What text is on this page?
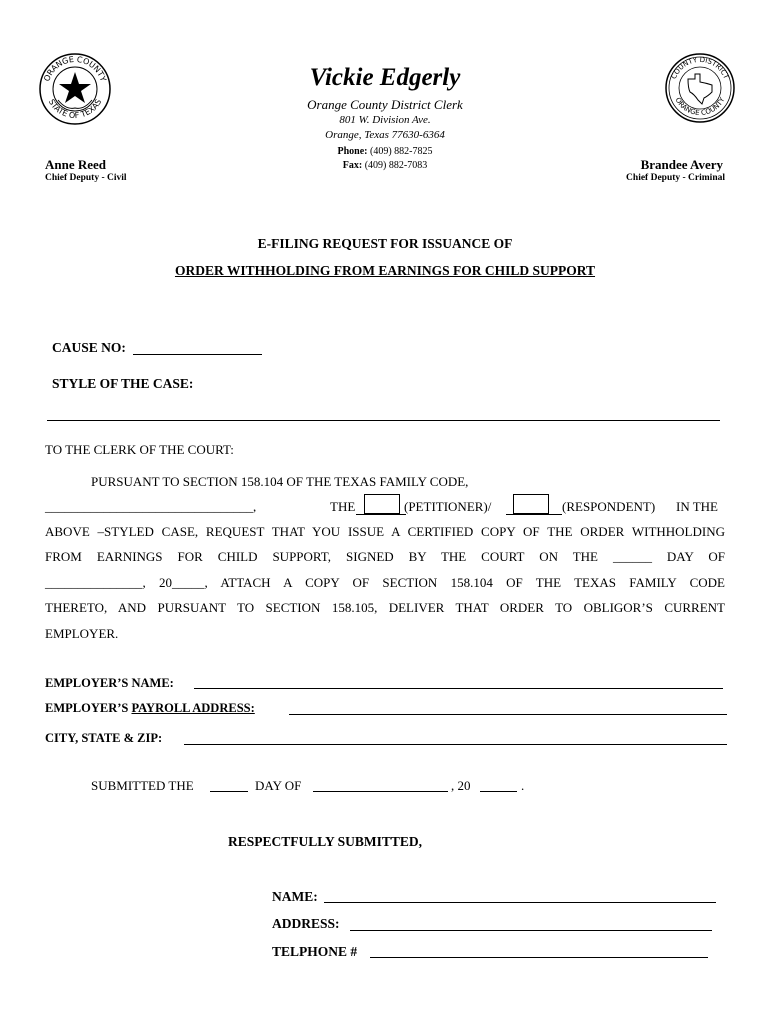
ORANGE COUNTY
STATE OF TEXAS
COUNTY DISTRICT
ORANGE COUNTY
Vickie Edgerly
Orange County District Clerk
801 W. Division Ave.
Orange, Texas 77630-6364
Phone: (409) 882-7825
Fax: (409) 882-7083
Anne Reed
Chief Deputy - Civil
Brandee Avery
Chief Deputy - Criminal
E-FILING REQUEST FOR ISSUANCE OF
ORDER WITHHOLDING FROM EARNINGS FOR CHILD SUPPORT
CAUSE NO:
STYLE OF THE CASE:
TO THE CLERK OF THE COURT:
PURSUANT TO SECTION 158.104 OF THE TEXAS FAMILY CODE,
________________________________,	THE	(PETITIONER)/	(RESPONDENT) IN THE
ABOVE –STYLED CASE, REQUEST THAT YOU ISSUE A CERTIFIED COPY OF THE ORDER WITHHOLDING
FROM EARNINGS FOR CHILD SUPPORT, SIGNED BY THE COURT ON THE ______ DAY OF
_______________, 20_____, ATTACH A COPY OF SECTION 158.104 OF THE TEXAS FAMILY CODE
THERETO, AND PURSUANT TO SECTION 158.105, DELIVER THAT ORDER TO OBLIGOR’S CURRENT
EMPLOYER.
EMPLOYER’S NAME:
EMPLOYER’S PAYROLL ADDRESS:
CITY, STATE & ZIP:
SUBMITTED THE	DAY OF	, 20	.
RESPECTFULLY SUBMITTED,
NAME:
ADDRESS:
TELPHONE #
